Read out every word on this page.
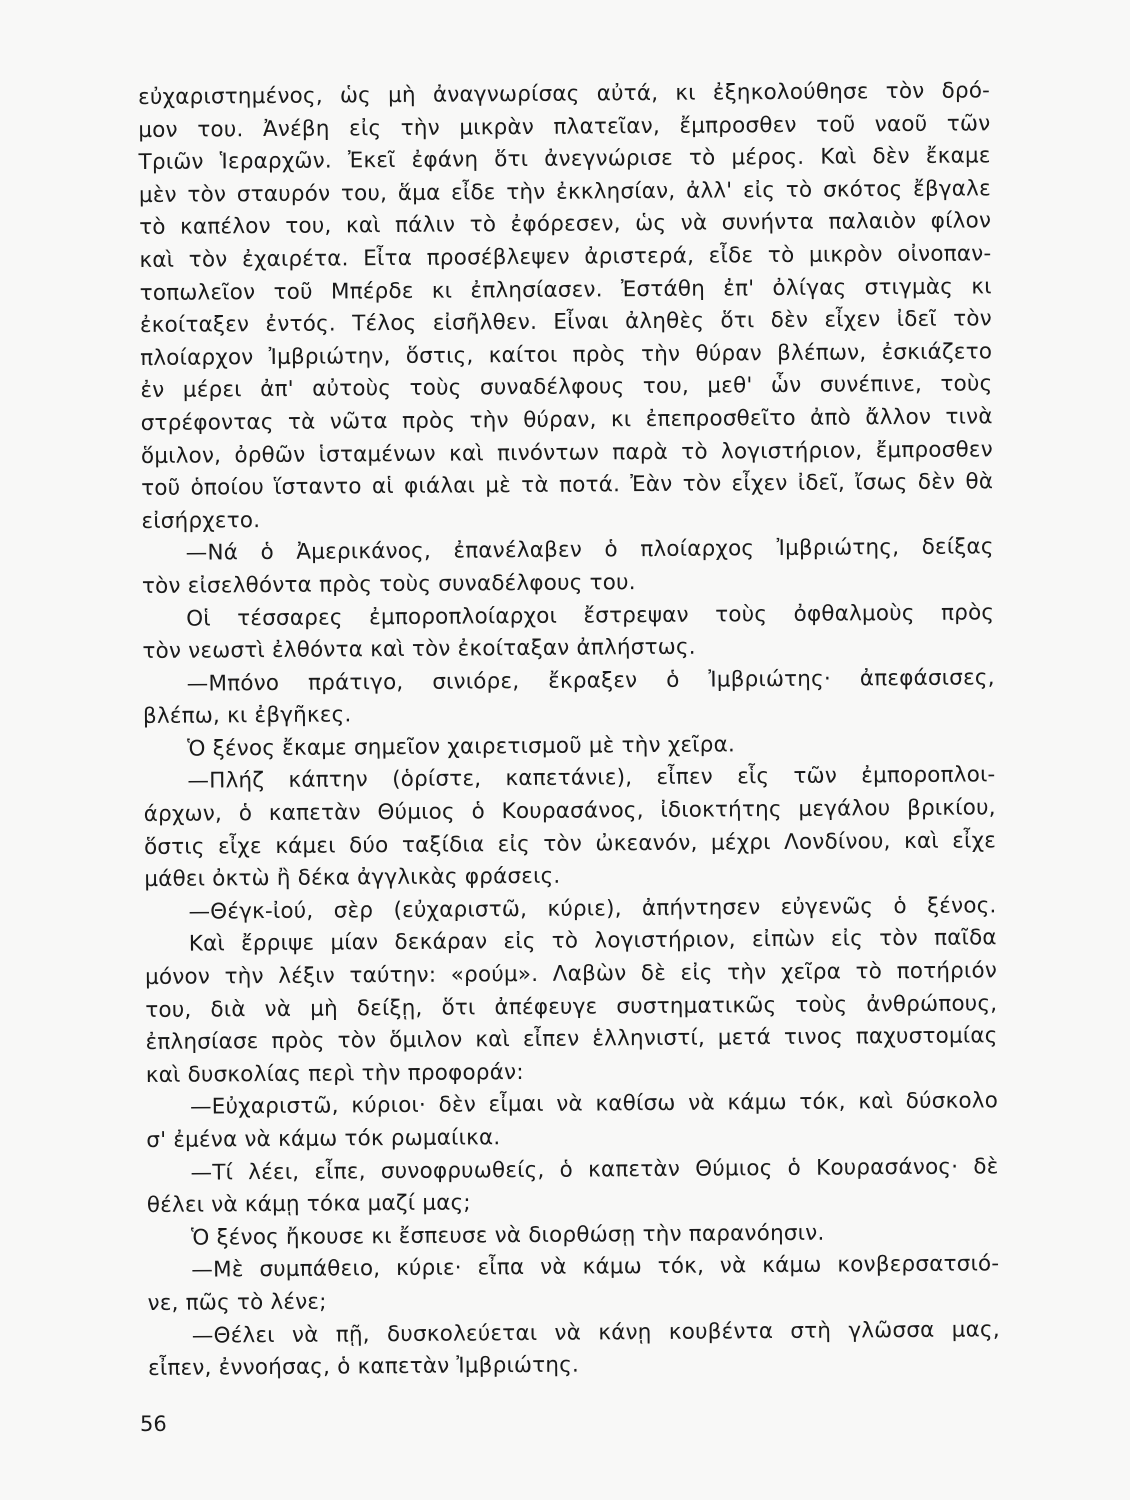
εὐχαριστημένος, ὡς μὴ ἀναγνωρίσας αὐτά, κι ἐξηκολούθησε τὸν δρό-
μον του. Ἀνέβη εἰς τὴν μικρὰν πλατεῖαν, ἔμπροσθεν τοῦ ναοῦ τῶν
Τριῶν Ἱεραρχῶν. Ἐκεῖ ἐφάνη ὅτι ἀνεγνώρισε τὸ μέρος. Καὶ δὲν ἔκαμε
μὲν τὸν σταυρόν του, ἅμα εἶδε τὴν ἐκκλησίαν, ἀλλ' εἰς τὸ σκότος ἔβγαλε
τὸ καπέλον του, καὶ πάλιν τὸ ἐφόρεσεν, ὡς νὰ συνήντα παλαιὸν φίλον
καὶ τὸν ἐχαιρέτα. Εἶτα προσέβλεψεν ἀριστερά, εἶδε τὸ μικρὸν οἰνοπαν-
τοπωλεῖον τοῦ Μπέρδε κι ἐπλησίασεν. Ἐστάθη ἐπ' ὀλίγας στιγμὰς κι
ἐκοίταξεν ἐντός. Τέλος εἰσῆλθεν. Εἶναι ἀληθὲς ὅτι δὲν εἶχεν ἰδεῖ τὸν
πλοίαρχον Ἰμβριώτην, ὅστις, καίτοι πρὸς τὴν θύραν βλέπων, ἐσκιάζετο
ἐν μέρει ἀπ' αὐτοὺς τοὺς συναδέλφους του, μεθ' ὧν συνέπινε, τοὺς
στρέφοντας τὰ νῶτα πρὸς τὴν θύραν, κι ἐπεπροσθεῖτο ἀπὸ ἄλλον τινὰ
ὅμιλον, ὀρθῶν ἱσταμένων καὶ πινόντων παρὰ τὸ λογιστήριον, ἔμπροσθεν
τοῦ ὁποίου ἵσταντο αἱ φιάλαι μὲ τὰ ποτά. Ἐὰν τὸν εἶχεν ἰδεῖ, ἴσως δὲν θὰ
εἰσήρχετο.
—Νά ὁ Ἀμερικάνος, ἐπανέλαβεν ὁ πλοίαρχος Ἰμβριώτης, δείξας
τὸν εἰσελθόντα πρὸς τοὺς συναδέλφους του.
Οἱ τέσσαρες ἐμποροπλοίαρχοι ἔστρεψαν τοὺς ὀφθαλμοὺς πρὸς
τὸν νεωστὶ ἐλθόντα καὶ τὸν ἐκοίταξαν ἀπλήστως.
—Μπόνο πράτιγο, σινιόρε, ἔκραξεν ὁ Ἰμβριώτης· ἀπεφάσισες,
βλέπω, κι ἐβγῆκες.
Ὁ ξένος ἔκαμε σημεῖον χαιρετισμοῦ μὲ τὴν χεῖρα.
—Πλήζ κάπτην (ὁρίστε, καπετάνιε), εἶπεν εἷς τῶν ἐμποροπλοι-
άρχων, ὁ καπετὰν Θύμιος ὁ Κουρασάνος, ἰδιοκτήτης μεγάλου βρικίου,
ὅστις εἶχε κάμει δύο ταξίδια εἰς τὸν ὠκεανόν, μέχρι Λονδίνου, καὶ εἶχε
μάθει ὀκτὼ ἢ δέκα ἀγγλικὰς φράσεις.
—Θέγκ-ἰού, σὲρ (εὐχαριστῶ, κύριε), ἀπήντησεν εὐγενῶς ὁ ξένος.
Καὶ ἔρριψε μίαν δεκάραν εἰς τὸ λογιστήριον, εἰπὼν εἰς τὸν παῖδα
μόνον τὴν λέξιν ταύτην: «ρούμ». Λαβὼν δὲ εἰς τὴν χεῖρα τὸ ποτήριόν
του, διὰ νὰ μὴ δείξῃ, ὅτι ἀπέφευγε συστηματικῶς τοὺς ἀνθρώπους,
ἐπλησίασε πρὸς τὸν ὅμιλον καὶ εἶπεν ἑλληνιστί, μετά τινος παχυστομίας
καὶ δυσκολίας περὶ τὴν προφοράν:
—Εὐχαριστῶ, κύριοι· δὲν εἶμαι νὰ καθίσω νὰ κάμω τόκ, καὶ δύσκολο
σ' ἐμένα νὰ κάμω τόκ ρωμαίικα.
—Τί λέει, εἶπε, συνοφρυωθείς, ὁ καπετὰν Θύμιος ὁ Κουρασάνος· δὲ
θέλει νὰ κάμῃ τόκα μαζί μας;
Ὁ ξένος ἤκουσε κι ἔσπευσε νὰ διορθώσῃ τὴν παρανόησιν.
—Μὲ συμπάθειο, κύριε· εἶπα νὰ κάμω τόκ, νὰ κάμω κονβερσατσιό-
νε, πῶς τὸ λένε;
—Θέλει νὰ πῇ, δυσκολεύεται νὰ κάνῃ κουβέντα στὴ γλῶσσα μας,
εἶπεν, ἐννοήσας, ὁ καπετὰν Ἰμβριώτης.
56
